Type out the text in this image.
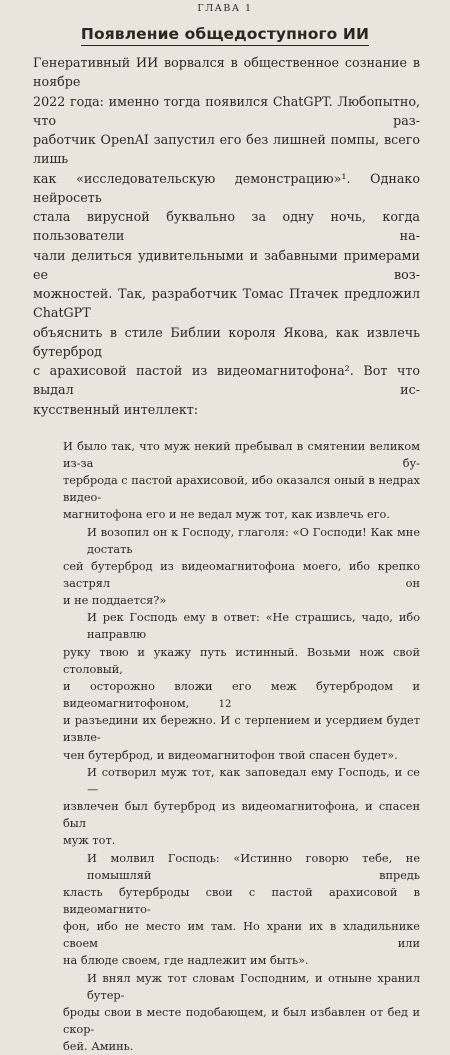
ГЛАВА 1
Появление общедоступного ИИ
Генеративный ИИ ворвался в общественное сознание в ноябре
2022 года: именно тогда появился ChatGPT. Любопытно, что раз-
работчик OpenAI запустил его без лишней помпы, всего лишь
как «исследовательскую демонстрацию»¹. Однако нейросеть
стала вирусной буквально за одну ночь, когда пользователи на-
чали делиться удивительными и забавными примерами ее воз-
можностей. Так, разработчик Томас Птачек предложил ChatGPT
объяснить в стиле Библии короля Якова, как извлечь бутерброд
с арахисовой пастой из видеомагнитофона². Вот что выдал ис-
кусственный интеллект:
И было так, что муж некий пребывал в смятении великом из-за бу-
терброда с пастой арахисовой, ибо оказался оный в недрах видео-
магнитофона его и не ведал муж тот, как извлечь его.
И возопил он к Господу, глаголя: «О Господи! Как мне достать
сей бутерброд из видеомагнитофона моего, ибо крепко застрял он
и не поддается?»
И рек Господь ему в ответ: «Не страшись, чадо, ибо направлю
руку твою и укажу путь истинный. Возьми нож свой столовый,
и осторожно вложи его меж бутербродом и видеомагнитофоном,
и разъедини их бережно. И с терпением и усердием будет извле-
чен бутерброд, и видеомагнитофон твой спасен будет».
И сотворил муж тот, как заповедал ему Господь, и се —
извлечен был бутерброд из видеомагнитофона, и спасен был
муж тот.
И молвил Господь: «Истинно говорю тебе, не помышляй впредь
класть бутерброды свои с пастой арахисовой в видеомагнито-
фон, ибо не место им там. Но храни их в хладильнике своем или
на блюде своем, где надлежит им быть».
И внял муж тот словам Господним, и отныне хранил бутер-
броды свои в месте подобающем, и был избавлен от бед и скор-
бей. Аминь.
12
